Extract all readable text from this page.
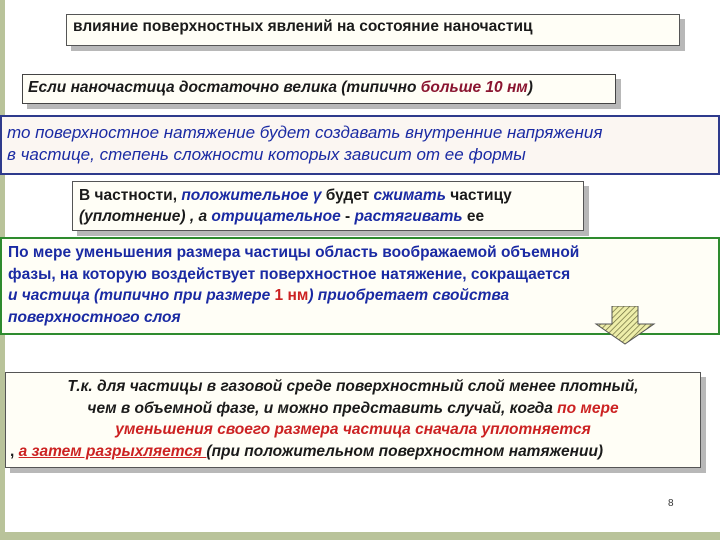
влияние поверхностных явлений на состояние наночастиц
Если наночастица достаточно велика (типично больше 10 нм)
то поверхностное натяжение будет создавать внутренние напряжения
в частице, степень сложности которых зависит от ее формы
В частности, положительное γ будет сжимать частицу
(уплотнение) , а отрицательное - растягивать ее
По мере уменьшения размера частицы область воображаемой объемной
фазы, на которую воздействует поверхностное натяжение, сокращается
и частица (типично при размере 1 нм) приобретает свойства
поверхностного слоя
Т.к. для частицы в газовой среде поверхностный слой менее плотный,
чем в объемной фазе, и можно представить случай, когда по мере
уменьшения своего размера частица сначала уплотняется
, а затем разрыхляется (при положительном поверхностном натяжении)
8
